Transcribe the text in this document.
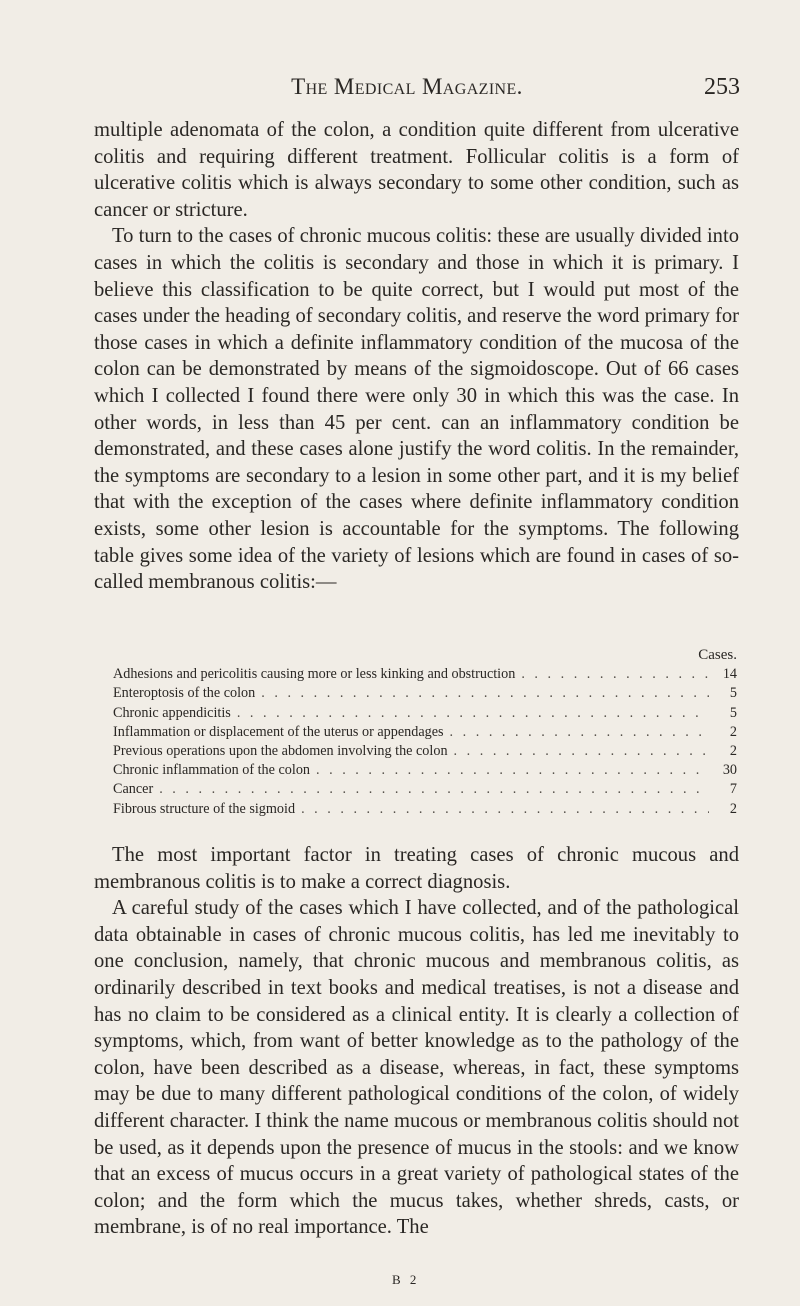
The Medical Magazine.	253

multiple adenomata of the colon, a condition quite different from ulcerative colitis and requiring different treatment. Follicular colitis is a form of ulcerative colitis which is always secondary to some other condition, such as cancer or stricture.

To turn to the cases of chronic mucous colitis: these are usually divided into cases in which the colitis is secondary and those in which it is primary. I believe this classification to be quite correct, but I would put most of the cases under the heading of secondary colitis, and reserve the word primary for those cases in which a definite inflammatory condition of the mucosa of the colon can be demonstrated by means of the sigmoidoscope. Out of 66 cases which I collected I found there were only 30 in which this was the case. In other words, in less than 45 per cent. can an inflammatory condition be demonstrated, and these cases alone justify the word colitis. In the remainder, the symptoms are secondary to a lesion in some other part, and it is my belief that with the exception of the cases where definite inflammatory condition exists, some other lesion is accountable for the symptoms. The following table gives some idea of the variety of lesions which are found in cases of so-called membranous colitis:—

Cases.
Adhesions and pericolitis causing more or less kinking and obstruction . . .	14
Enteroptosis of the colon . . .	5
Chronic appendicitis . . .	5
Inflammation or displacement of the uterus or appendages . . .	2
Previous operations upon the abdomen involving the colon . . .	2
Chronic inflammation of the colon . . .	30
Cancer . . .	7
Fibrous structure of the sigmoid . . .	2

The most important factor in treating cases of chronic mucous and membranous colitis is to make a correct diagnosis.

A careful study of the cases which I have collected, and of the pathological data obtainable in cases of chronic mucous colitis, has led me inevitably to one conclusion, namely, that chronic mucous and membranous colitis, as ordinarily described in text books and medical treatises, is not a disease and has no claim to be considered as a clinical entity. It is clearly a collection of symptoms, which, from want of better knowledge as to the pathology of the colon, have been described as a disease, whereas, in fact, these symptoms may be due to many different pathological conditions of the colon, of widely different character. I think the name mucous or membranous colitis should not be used, as it depends upon the presence of mucus in the stools: and we know that an excess of mucus occurs in a great variety of pathological states of the colon; and the form which the mucus takes, whether shreds, casts, or membrane, is of no real importance. The

B 2
